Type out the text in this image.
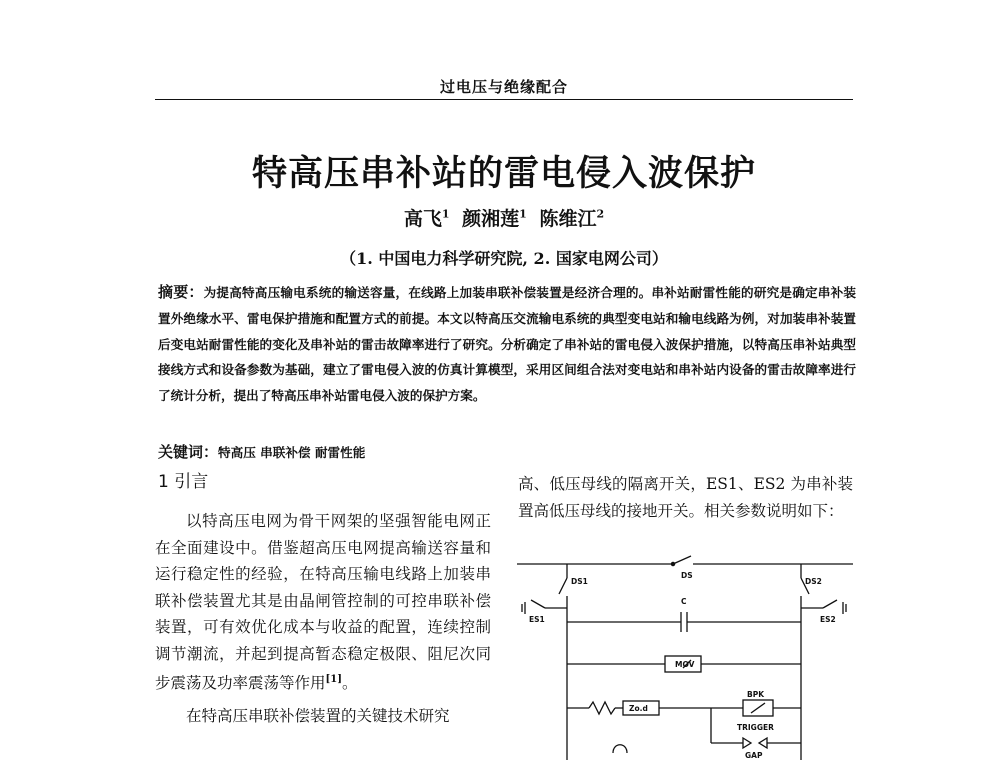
过电压与绝缘配合
特高压串补站的雷电侵入波保护
高飞$^1$ 颜湘莲$^1$ 陈维江$^2$
（1. 中国电力科学研究院, 2. 国家电网公司）
摘要：为提高特高压输电系统的输送容量，在线路上加装串联补偿装置是经济合理的。串补站耐雷性能的研究是确定串补装置外绝缘水平、雷电保护措施和配置方式的前提。本文以特高压交流输电系统的典型变电站和输电线路为例，对加装串补装置后变电站耐雷性能的变化及串补站的雷击故障率进行了研究。分析确定了串补站的雷电侵入波保护措施，以特高压串补站典型接线方式和设备参数为基础，建立了雷电侵入波的仿真计算模型，采用区间组合法对变电站和串补站内设备的雷击故障率进行了统计分析，提出了特高压串补站雷电侵入波的保护方案。
关键词：特高压 串联补偿 耐雷性能
1 引言

以特高压电网为骨干网架的坚强智能电网正在全面建设中。借鉴超高压电网提高输送容量和运行稳定性的经验，在特高压输电线路上加装串联补偿装置尤其是由晶闸管控制的可控串联补偿装置，可有效优化成本与收益的配置，连续控制调节潮流，并起到提高暂态稳定极限、阻尼次同步震荡及功率震荡等作用[1]。

在特高压串联补偿装置的关键技术研究

高、低压母线的隔离开关，ES1、ES2 为串补装置高低压母线的接地开关。相关参数说明如下：

DS
DS1	DS2
ES1	ES2
C
MOV
Zo.d
BPK
TRIGGER
GAP
